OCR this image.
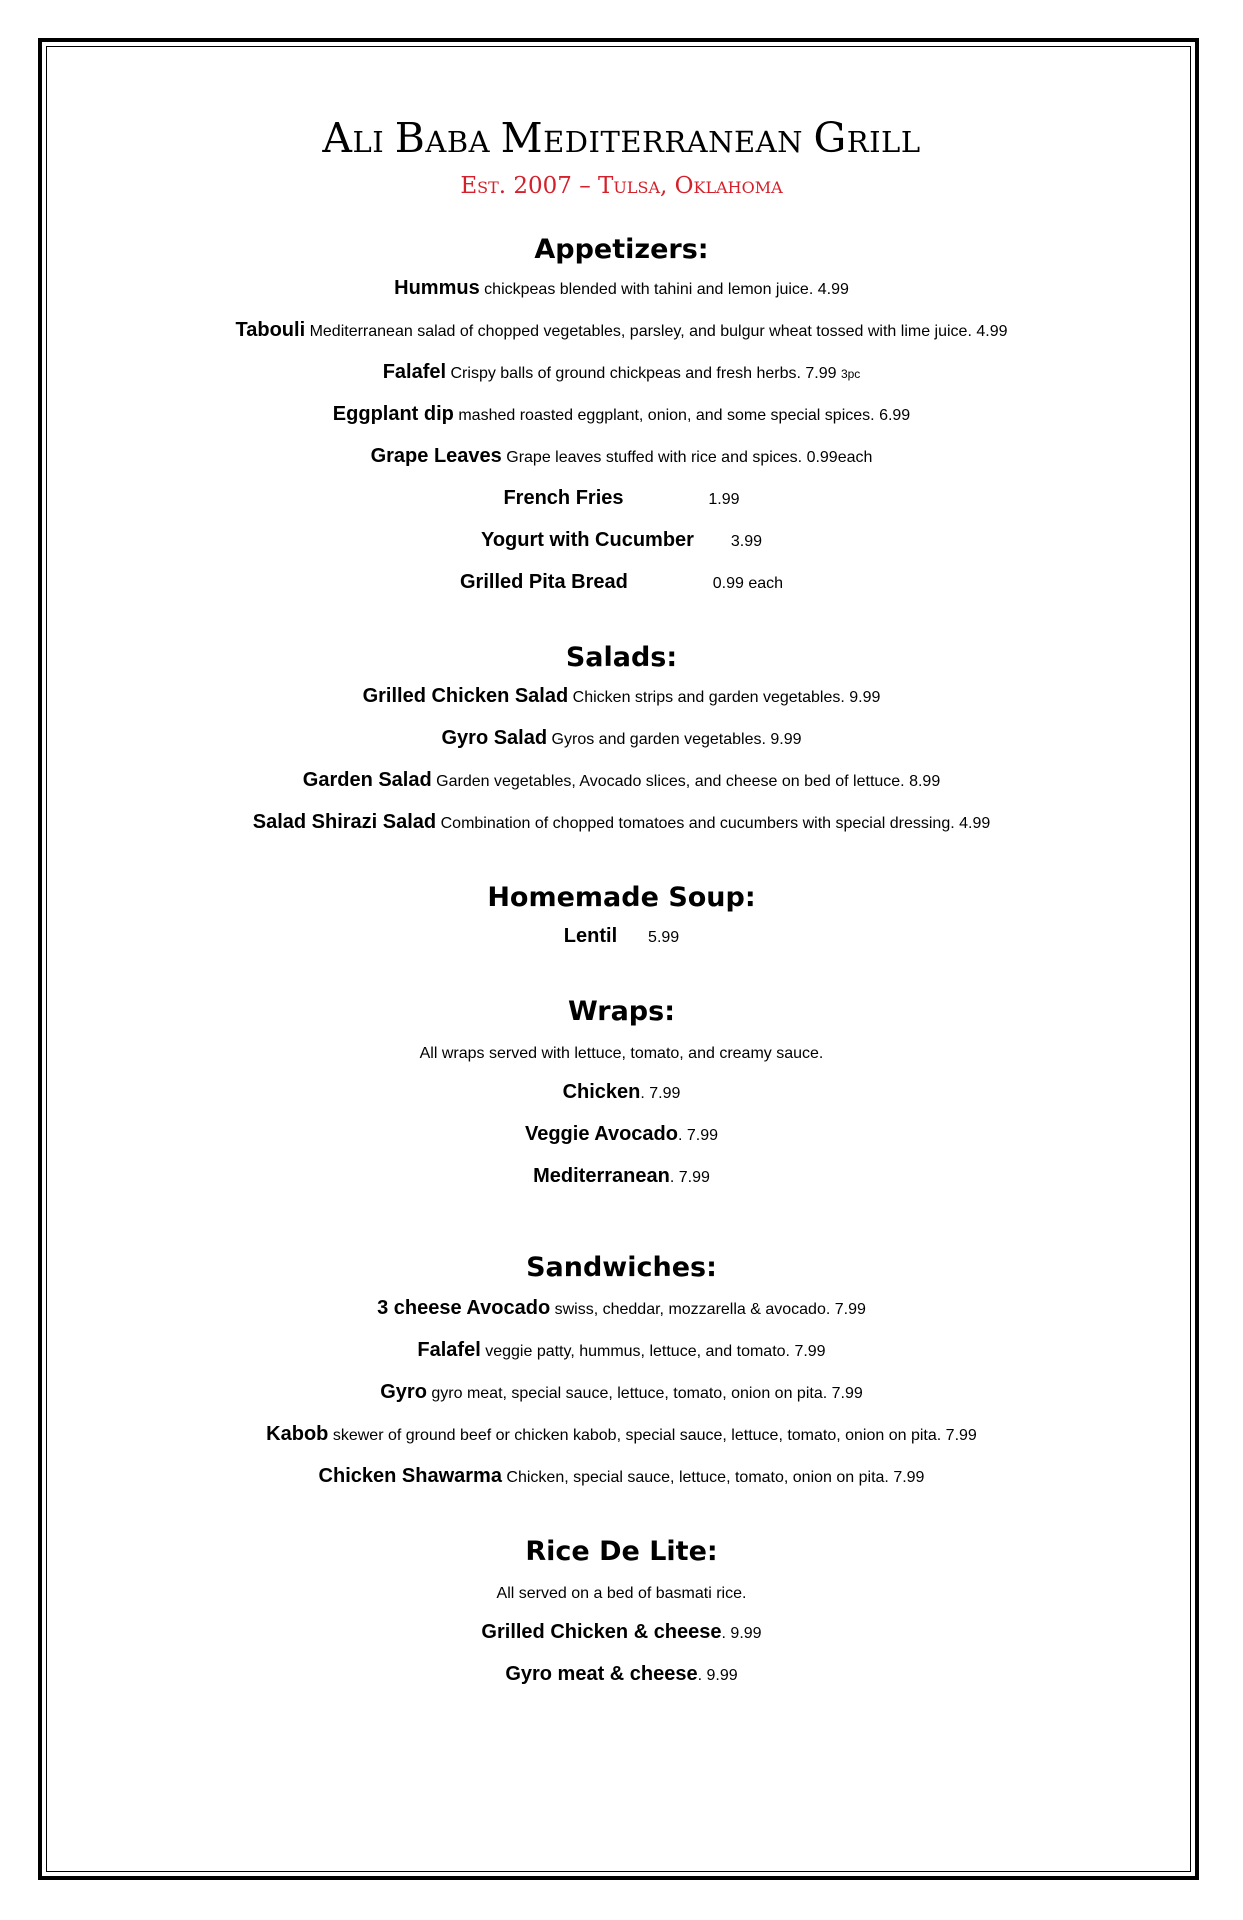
Ali Baba Mediterranean Grill

Est. 2007 – Tulsa, Oklahoma

Appetizers:

Hummus chickpeas blended with tahini and lemon juice. 4.99

Tabouli Mediterranean salad of chopped vegetables, parsley, and bulgur wheat tossed with lime juice. 4.99

Falafel Crispy balls of ground chickpeas and fresh herbs. 7.99 3pc

Eggplant dip mashed roasted eggplant, onion, and some special spices. 6.99

Grape Leaves Grape leaves stuffed with rice and spices. 0.99each

French Fries	1.99

Yogurt with Cucumber 3.99

Grilled Pita Bread	0.99 each

Salads:

Grilled Chicken Salad Chicken strips and garden vegetables. 9.99

Gyro Salad Gyros and garden vegetables. 9.99

Garden Salad Garden vegetables, Avocado slices, and cheese on bed of lettuce. 8.99

Salad Shirazi Salad Combination of chopped tomatoes and cucumbers with special dressing. 4.99

Homemade Soup:

Lentil 5.99

Wraps:

All wraps served with lettuce, tomato, and creamy sauce.

Chicken. 7.99

Veggie Avocado. 7.99

Mediterranean. 7.99

Sandwiches:

3 cheese Avocado swiss, cheddar, mozzarella & avocado. 7.99

Falafel veggie patty, hummus, lettuce, and tomato. 7.99

Gyro gyro meat, special sauce, lettuce, tomato, onion on pita. 7.99

Kabob skewer of ground beef or chicken kabob, special sauce, lettuce, tomato, onion on pita. 7.99

Chicken Shawarma Chicken, special sauce, lettuce, tomato, onion on pita. 7.99

Rice De Lite:

All served on a bed of basmati rice.

Grilled Chicken & cheese. 9.99

Gyro meat & cheese. 9.99
